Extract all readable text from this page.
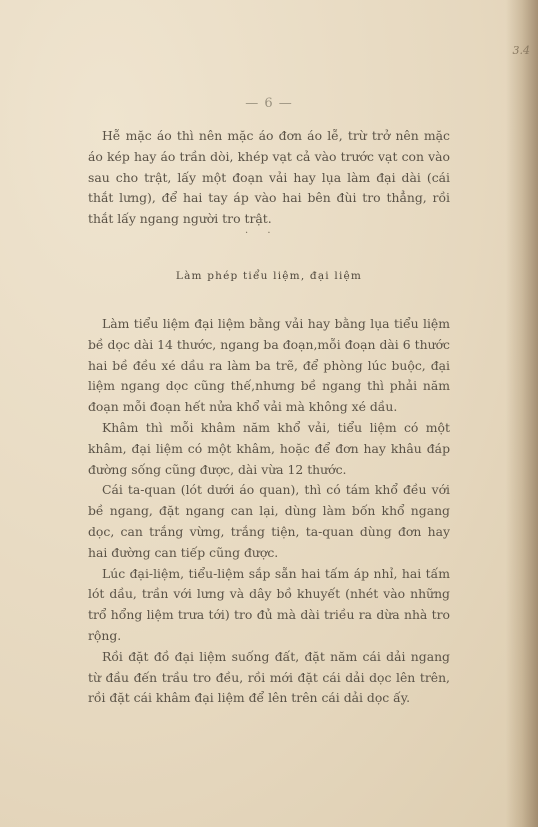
3.4
— 6 —

Hễ mặc áo thì nên mặc áo đơn áo lễ, trừ trở nên mặc áo kép hay áo trần dòi, khép vạt cả vào trước vạt con vào sau cho trật, lấy một đoạn vải hay lụa làm đại dài (cái thắt lưng), để hai tay áp vào hai bên đùi tro thẳng, rồi thắt lấy ngang người tro trật.

· ·
Làm phép tiểu liệm, đại liệm

Làm tiểu liệm đại liệm bằng vải hay bằng lụa tiểu liệm bề dọc dài 14 thước, ngang ba đoạn,mỗi đoạn dài 6 thước hai bề đều xé dầu ra làm ba trẽ, để phòng lúc buộc, đại liệm ngang dọc cũng thế,nhưng bề ngang thì phải năm đoạn mỗi đoạn hết nửa khổ vải mà không xé dầu.

Khâm thì mỗi khâm năm khổ vải, tiểu liệm có một khâm, đại liệm có một khâm, hoặc để đơn hay khâu đáp đường sống cũng được, dài vừa 12 thước.

Cái ta-quan (lót dưới áo quan), thì có tám khổ đều với bề ngang, đặt ngang can lại, dùng làm bốn khổ ngang dọc, can trắng vừng, trắng tiện, ta-quan dùng đơn hay hai đường can tiếp cũng được.

Lúc đại-liệm, tiểu-liệm sắp sẵn hai tấm áp nhỉ, hai tấm lót dầu, trần với lưng và dây bồ khuyết (nhét vào những trổ hổng liệm trưa tới) tro đủ mà dài triều ra dừa nhà tro rộng.

Rồi đặt đồ đại liệm suống đất, đặt năm cái dải ngang từ đầu đến trầu tro đều, rồi mới đặt cái dải dọc lên trên, rồi đặt cái khâm đại liệm để lên trên cái dải dọc ấy.
